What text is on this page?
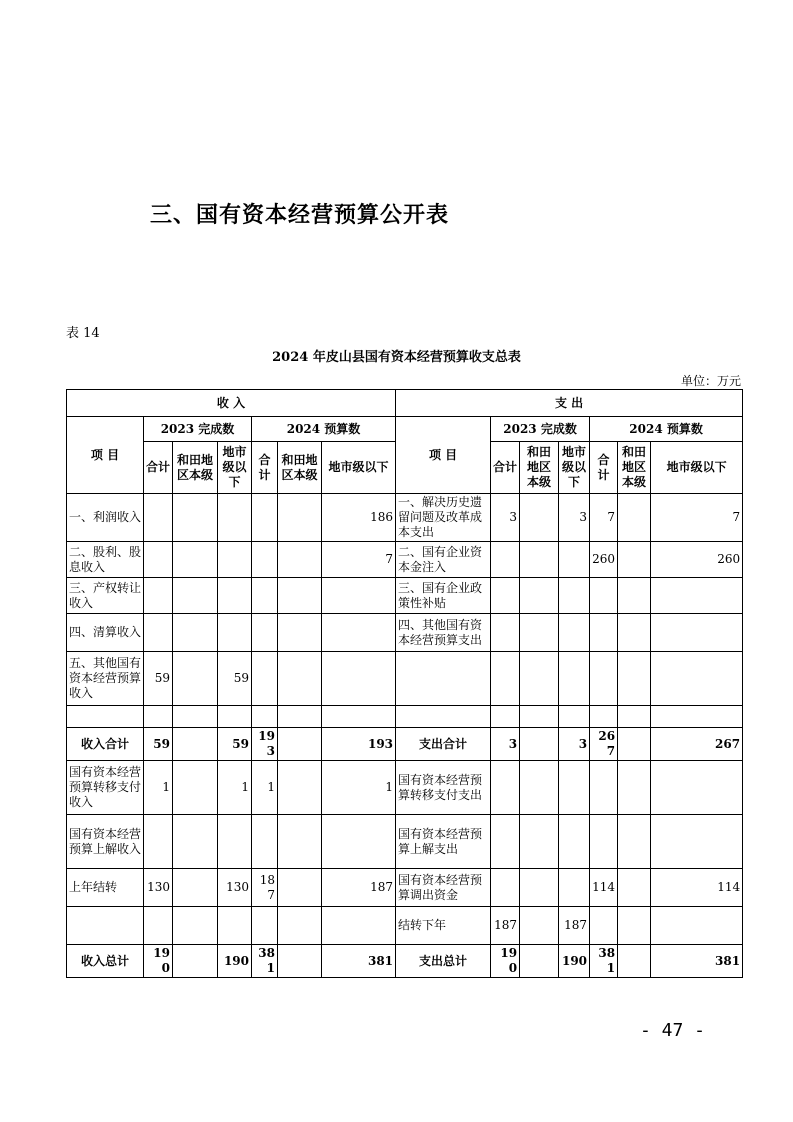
三、国有资本经营预算公开表
表 14
2024 年皮山县国有资本经营预算收支总表
单位：万元
收 入							支 出						
项 目	2023 完成数			2024 预算数			项 目	2023 完成数			2024 预算数		
	合计	和田地区本级	地市级以下	合计	和田地区本级	地市级以下		合计	和田地区本级	地市级以下	合计	和田地区本级	地市级以下
一、利润收入						186	一、解决历史遗留问题及改革成本支出	3		3	7		7
二、股利、股息收入						7	二、国有企业资本金注入				260		260
三、产权转让收入							三、国有企业政策性补贴						
四、清算收入							四、其他国有资本经营预算支出						
五、其他国有资本经营预算收入	59		59										

收入合计	59		59	193		193	支出合计	3		3	267		267
国有资本经营预算转移支付收入	1		1	1		1	国有资本经营预算转移支付支出						
国有资本经营预算上解收入							国有资本经营预算上解支出						
上年结转	130		130	187		187	国有资本经营预算调出资金				114		114
							结转下年	187		187			
收入总计	190		190	381		381	支出总计	190		190	381		381
- 47 -
